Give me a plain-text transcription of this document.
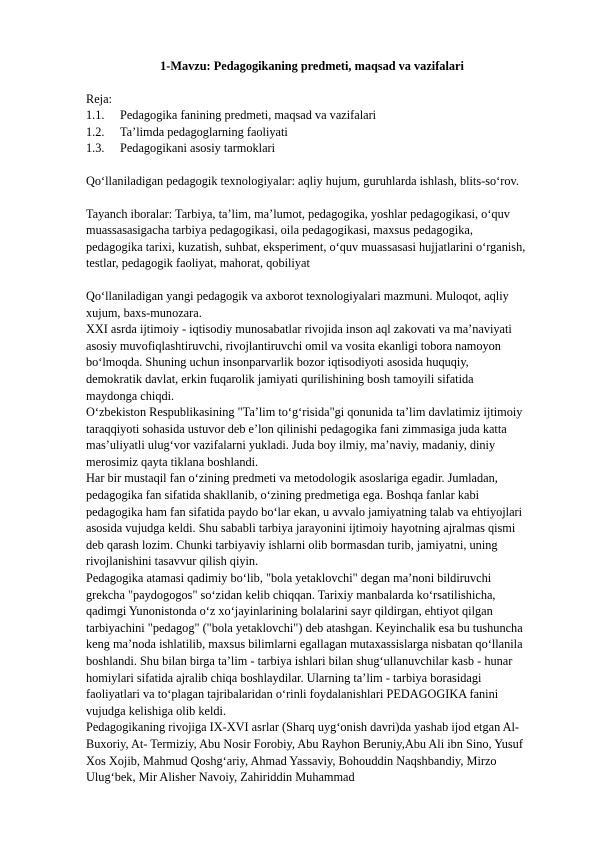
1-Mavzu: Pedagogikaning predmeti, maqsad va vazifalari
Reja:
1.1.	Pedagogika fanining predmeti, maqsad va vazifalari
1.2.	Ta’limda pedagoglarning faoliyati
1.3.	Pedagogikani asosiy tarmoklari
Qo‘llaniladigan pedagogik texnologiyalar: aqliy hujum, guruhlarda ishlash, blits-so‘rov.
Tayanch iboralar: Tarbiya, ta’lim, ma’lumot, pedagogika, yoshlar pedagogikasi, o‘quv muassasasigacha tarbiya pedagogikasi, oila pedagogikasi, maxsus pedagogika, pedagogika tarixi, kuzatish, suhbat, eksperiment, o‘quv muassasasi hujjatlarini o‘rganish, testlar, pedagogik faoliyat, mahorat, qobiliyat
Qo‘llaniladigan yangi pedagogik va axborot texnologiyalari mazmuni. Muloqot, aqliy xujum, baxs-munozara.
XXI asrda ijtimoiy - iqtisodiy munosabatlar rivojida inson aql zakovati va ma’naviyati asosiy muvofiqlashtiruvchi, rivojlantiruvchi omil va vosita ekanligi tobora namoyon bo‘lmoqda. Shuning uchun insonparvarlik bozor iqtisodiyoti asosida huquqiy, demokratik davlat, erkin fuqarolik jamiyati qurilishining bosh tamoyili sifatida maydonga chiqdi.
O‘zbekiston Respublikasining "Ta’lim to‘g‘risida"gi qonunida ta’lim davlatimiz ijtimoiy taraqqiyoti sohasida ustuvor deb e’lon qilinishi pedagogika fani zimmasiga juda katta mas’uliyatli ulug‘vor vazifalarni yukladi. Juda boy ilmiy, ma’naviy, madaniy, diniy merosimiz qayta tiklana boshlandi.
Har bir mustaqil fan o‘zining predmeti va metodologik asoslariga egadir. Jumladan, pedagogika fan sifatida shakllanib, o‘zining predmetiga ega. Boshqa fanlar kabi pedagogika ham fan sifatida paydo bo‘lar ekan, u avvalo jamiyatning talab va ehtiyojlari asosida vujudga keldi. Shu sababli tarbiya jarayonini ijtimoiy hayotning ajralmas qismi deb qarash lozim. Chunki tarbiyaviy ishlarni olib bormasdan turib, jamiyatni, uning rivojlanishini tasavvur qilish qiyin.
Pedagogika atamasi qadimiy bo‘lib, "bola yetaklovchi" degan ma’noni bildiruvchi grekcha "paydogogos" so‘zidan kelib chiqqan. Tarixiy manbalarda ko‘rsatilishicha, qadimgi Yunonistonda o‘z xo‘jayinlarining bolalarini sayr qildirgan, ehtiyot qilgan tarbiyachini "pedagog" ("bola yetaklovchi") deb atashgan. Keyinchalik esa bu tushuncha keng ma’noda ishlatilib, maxsus bilimlarni egallagan mutaxassislarga nisbatan qo‘llanila boshlandi. Shu bilan birga ta’lim - tarbiya ishlari bilan shug‘ullanuvchilar kasb - hunar homiylari sifatida ajralib chiqa boshlaydilar. Ularning ta’lim - tarbiya borasidagi faoliyatlari va to‘plagan tajribalaridan o‘rinli foydalanishlari PEDAGOGIKA fanini vujudga kelishiga olib keldi.
Pedagogikaning rivojiga IX-XVI asrlar (Sharq uyg‘onish davri)da yashab ijod etgan Al-Buxoriy, At- Termiziy, Abu Nosir Forobiy, Abu Rayhon Beruniy,Abu Ali ibn Sino, Yusuf Xos Xojib, Mahmud Qoshg‘ariy, Ahmad Yassaviy, Bohouddin Naqshbandiy, Mirzo Ulug‘bek, Mir Alisher Navoiy, Zahiriddin Muhammad
